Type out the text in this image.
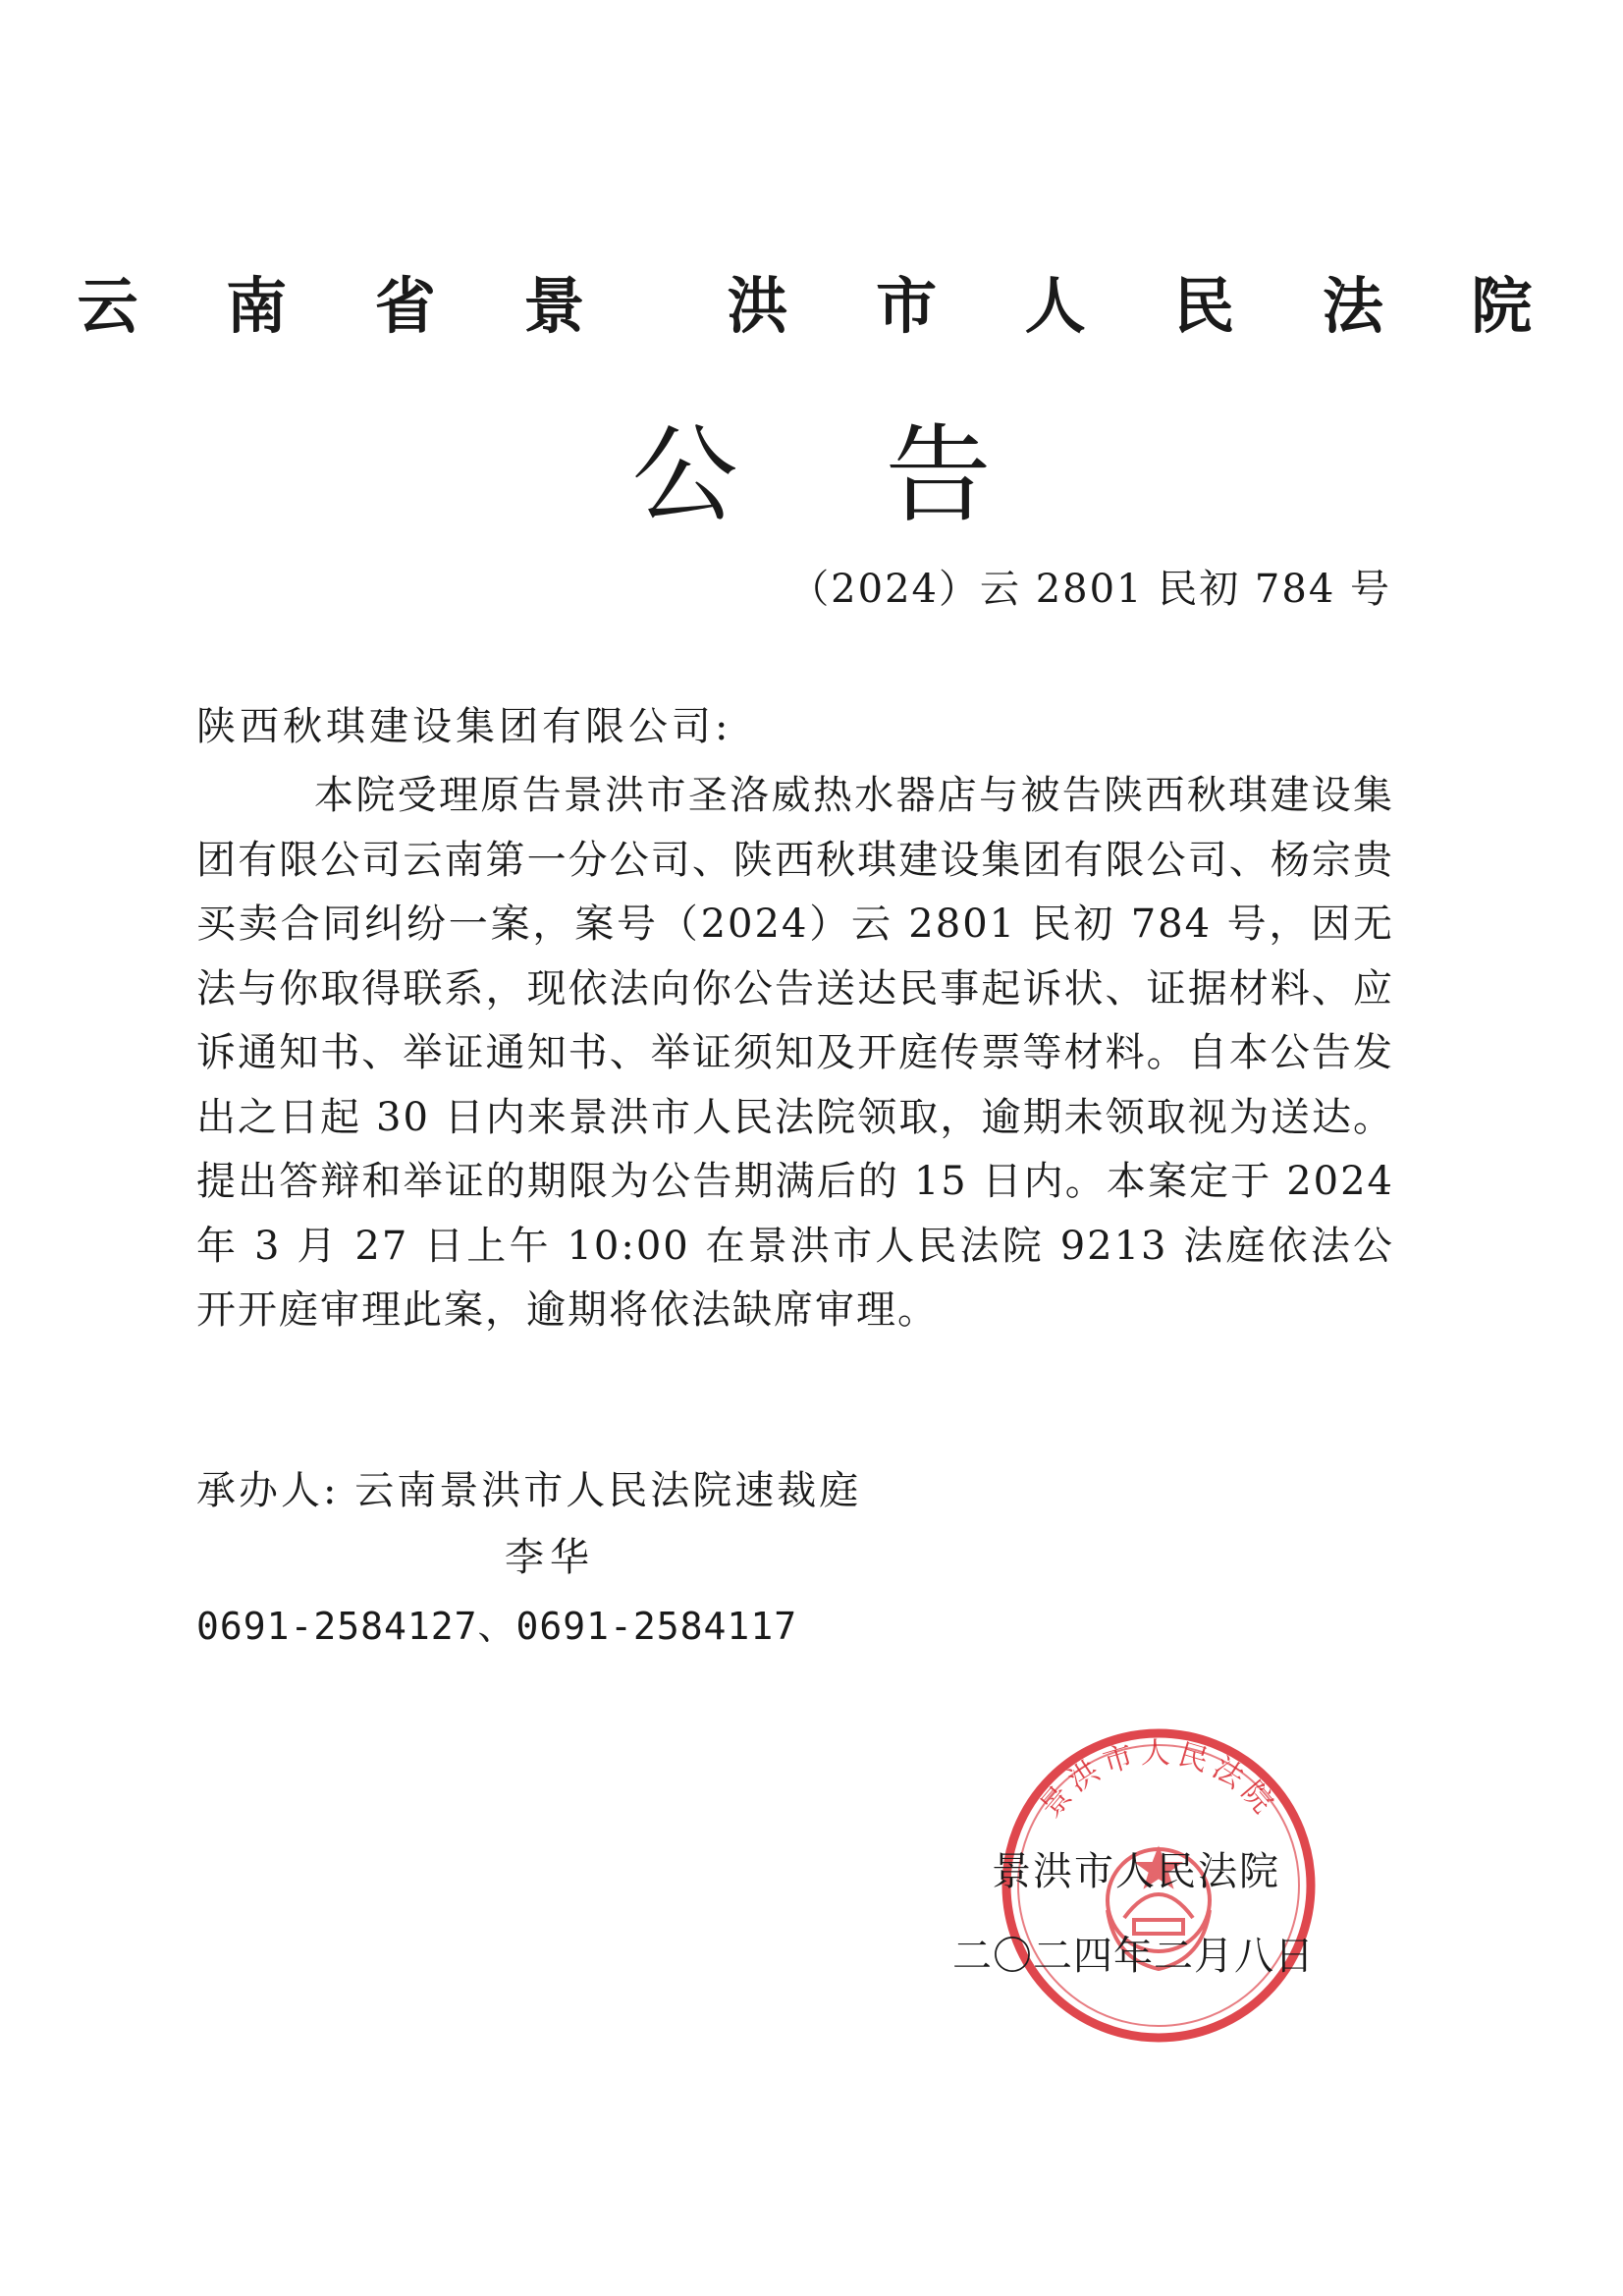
云 南 省 景  洪 市 人 民 法 院
公告
（2024）云 2801 民初 784 号
陕西秋琪建设集团有限公司:
本院受理原告景洪市圣洛威热水器店与被告陕西秋琪建设集团有限公司云南第一分公司、陕西秋琪建设集团有限公司、杨宗贵 买卖合同纠纷一案，案号（2024）云 2801 民初 784 号，因无法与你取得联系，现依法向你公告送达民事起诉状、证据材料、应诉通知书、举证通知书、举证须知及开庭传票等材料。自本公告发出之日起 30 日内来景洪市人民法院领取，逾期未领取视为送达。提出答辩和举证的期限为公告期满后的 15 日内。本案定于 2024 年 3 月 27 日上午 10:00 在景洪市人民法院 9213 法庭依法公开开庭审理此案，逾期将依法缺席审理。
承办人: 云南景洪市人民法院速裁庭
李华
0691-2584127、0691-2584117
景洪市人民法院
景洪市人民法院
二〇二四年二月八日
